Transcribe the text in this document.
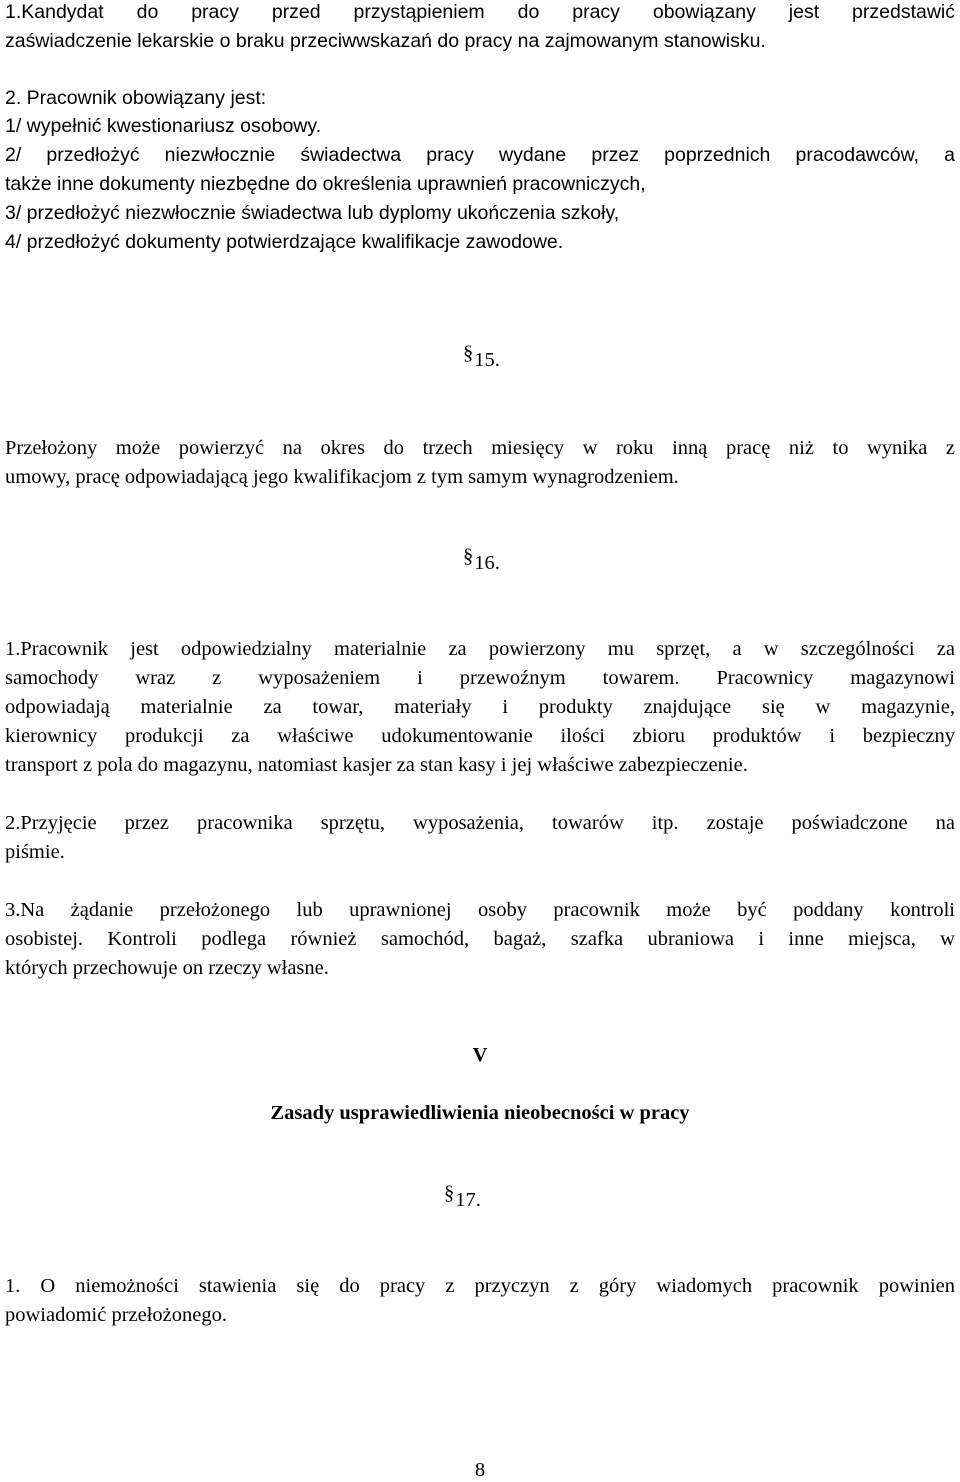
1.Kandydat do pracy przed przystąpieniem do pracy obowiązany jest przedstawić
zaświadczenie lekarskie o braku przeciwwskazań do pracy na zajmowanym stanowisku.
2. Pracownik obowiązany jest:
1/ wypełnić kwestionariusz osobowy.
2/ przedłożyć niezwłocznie świadectwa pracy wydane przez poprzednich pracodawców, a
także inne dokumenty niezbędne do określenia uprawnień pracowniczych,
3/ przedłożyć niezwłocznie świadectwa lub dyplomy ukończenia szkoły,
4/ przedłożyć dokumenty potwierdzające kwalifikacje zawodowe.
§15.
Przełożony może powierzyć na okres do trzech miesięcy w roku inną pracę niż to wynika z
umowy, pracę odpowiadającą jego kwalifikacjom z tym samym wynagrodzeniem.
§16.
1.Pracownik jest odpowiedzialny materialnie za powierzony mu sprzęt, a w szczególności za
samochody wraz z wyposażeniem i przewoźnym towarem. Pracownicy magazynowi
odpowiadają materialnie za towar, materiały i produkty znajdujące się w magazynie,
kierownicy produkcji za właściwe udokumentowanie ilości zbioru produktów i bezpieczny
transport z pola do magazynu, natomiast kasjer za stan kasy i jej właściwe zabezpieczenie.
2.Przyjęcie przez pracownika sprzętu, wyposażenia, towarów itp. zostaje poświadczone na
piśmie.
3.Na żądanie przełożonego lub uprawnionej osoby pracownik może być poddany kontroli
osobistej. Kontroli podlega również samochód, bagaż, szafka ubraniowa i inne miejsca, w
których przechowuje on rzeczy własne.
V
Zasady usprawiedliwienia nieobecności w pracy
§17.
1. O niemożności stawienia się do pracy z przyczyn z góry wiadomych pracownik powinien
powiadomić przełożonego.
8
